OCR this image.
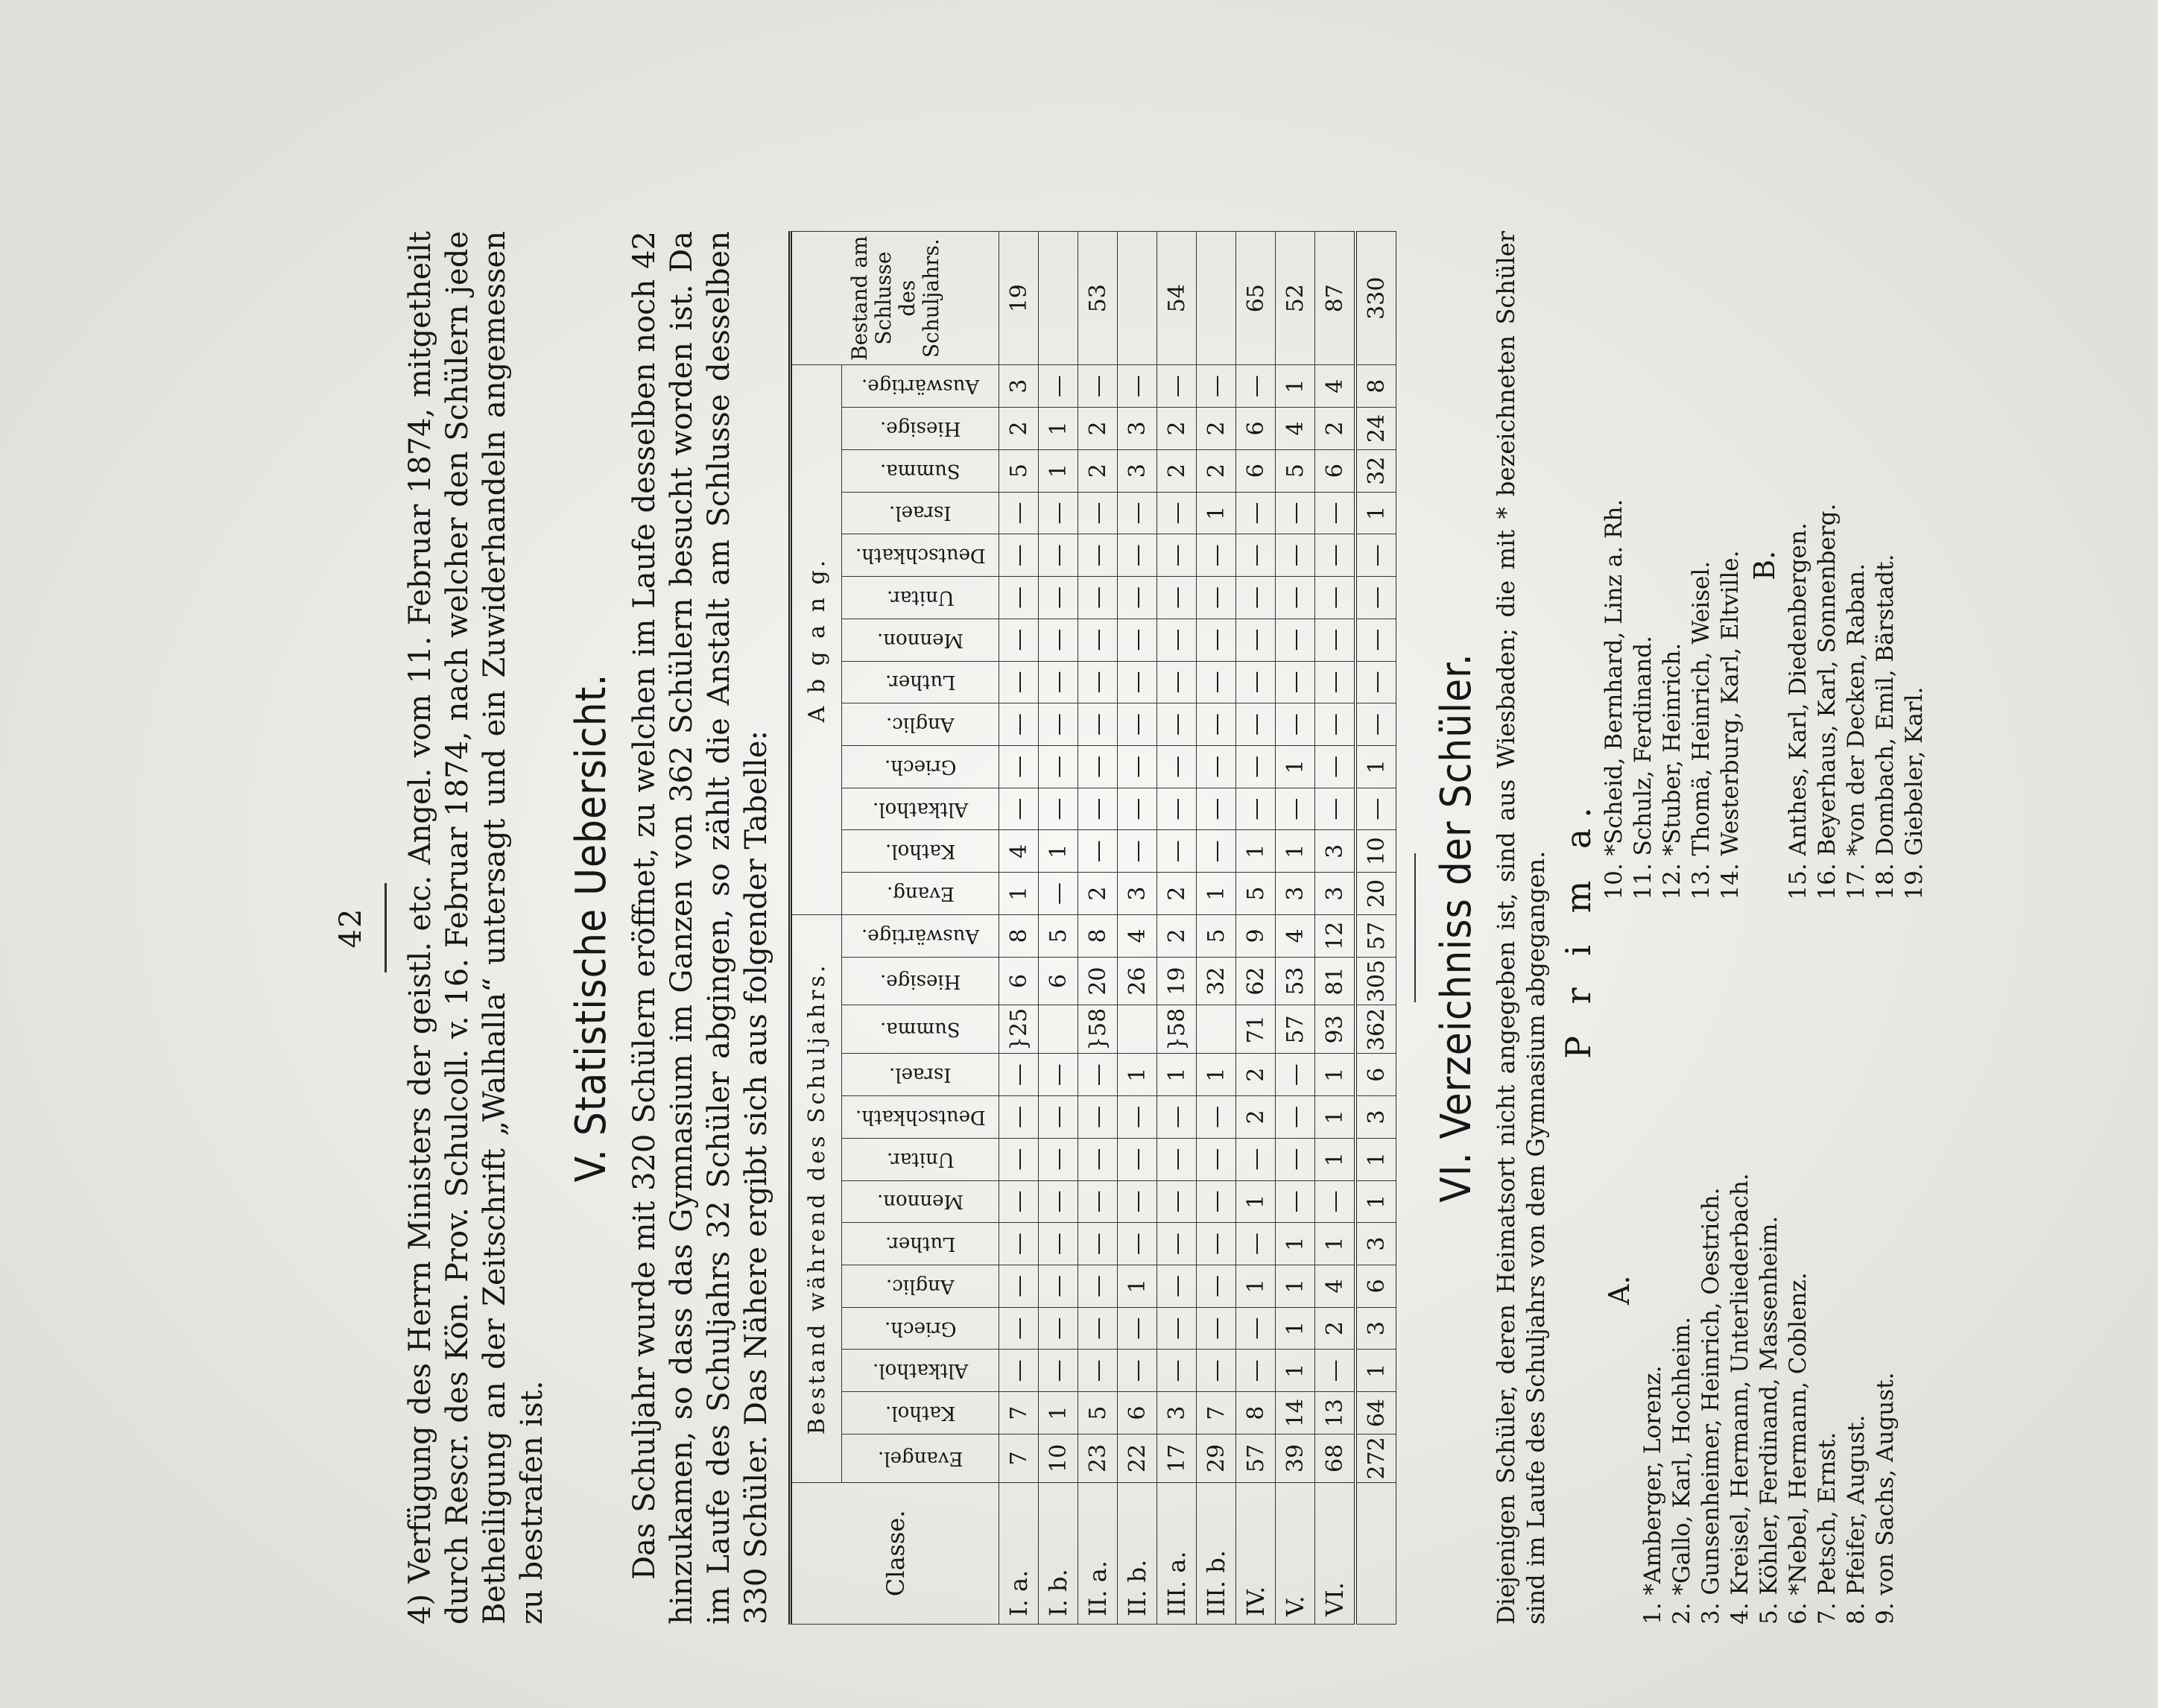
42	4) Verfügung des Herrn Ministers der geistl. etc. Angel. vom 11. Februar 1874, mitgetheilt durch Rescr. des Kön. Prov. Schulcoll. v. 16. Februar 1874, nach welcher den Schülern jede Betheiligung an der Zeitschrift „Walhalla“ untersagt und ein Zuwiderhandeln angemessen zu bestrafen ist.

V. Statistische Uebersicht. Das Schuljahr wurde mit 320 Schülern eröffnet, zu welchen im Laufe desselben noch 42 hinzukamen, so dass das Gymnasium im Ganzen von 362 Schülern besucht worden ist. Da im Laufe des Schuljahrs 32 Schüler abgingen, so zählt die Anstalt am Schlusse desselben 330 Schüler. Das Nähere ergibt sich aus folgender Tabelle:	Classe.	Bestand während des Schuljahrs.													A b g a n g.													Bestand am Schlusse des Schuljahrs.

	Evangel.	Kathol.	Altkathol.	Griech.	Anglic.	Luther.	Mennon.	Unitar.	Deutschkath.	Israel.	Summa.	Hiesige.	Auswärtige.	Evang.	Kathol.	Altkathol.	Griech.	Anglic.	Luther.	Mennon.	Unitar.	Deutschkath.	Israel.	Summa.	Hiesige.	Auswärtige.	

I. a.	7	7	—	—	—	—	—	—	—	—	}25	6	8	1	4	—	—	—	—	—	—	—	—	5	2	3	19
I. b.	10	1	—	—	—	—	—	—	—	—		6	5	—	1	—	—	—	—	—	—	—	—	1	1	—	
II. a.	23	5	—	—	—	—	—	—	—	—	}58	20	8	2	—	—	—	—	—	—	—	—	—	2	2	—	53
II. b.	22	6	—	—	1	—	—	—	—	1		26	4	3	—	—	—	—	—	—	—	—	—	3	3	—	
III. a.	17	3	—	—	—	—	—	—	—	1	}58	19	2	2	—	—	—	—	—	—	—	—	—	2	2	—	54
III. b.	29	7	—	—	—	—	—	—	—	1		32	5	1	—	—	—	—	—	—	—	—	1	2	2	—	
IV.	57	8	—	—	1	—	1	—	2	2	71	62	9	5	1	—	—	—	—	—	—	—	—	6	6	—	65
V.	39	14	1	1	1	1	—	—	—	—	57	53	4	3	1	—	1	—	—	—	—	—	—	5	4	1	52
VI.	68	13	—	2	4	1	—	1	1	1	93	81	12	3	3	—	—	—	—	—	—	—	—	6	2	4	87
	272	64	1	3	6	3	1	1	3	6	362	305	57	20	10	—	1	—	—	—	—	—	1	32	24	8	330
VI. Verzeichniss der Schüler. Diejenigen Schüler, deren Heimatsort nicht angegeben ist, sind aus Wiesbaden; die mit * bezeichneten Schüler sind im Laufe des Schuljahrs von dem Gymnasium abgegangen. P r i m a.
A.
1. *Amberger, Lorenz. 2. *Gallo, Karl, Hochheim. 3. Gunsenheimer, Heinrich, Oestrich. 4. Kreisel, Hermann, Unterliederbach. 5. Köhler, Ferdinand, Massenheim. 6. *Nebel, Hermann, Coblenz. 7. Petsch, Ernst. 8. Pfeifer, August. 9. von Sachs, August.
10. *Scheid, Bernhard, Linz a. Rh. 11. Schulz, Ferdinand. 12. *Stuber, Heinrich. 13. Thomä, Heinrich, Weisel. 14. Westerburg, Karl, Eltville. B. 15. Anthes, Karl, Diedenbergen. 16. Beyerhaus, Karl, Sonnenberg. 17. *von der Decken, Raban. 18. Dombach, Emil, Bärstadt. 19. Giebeler, Karl.
